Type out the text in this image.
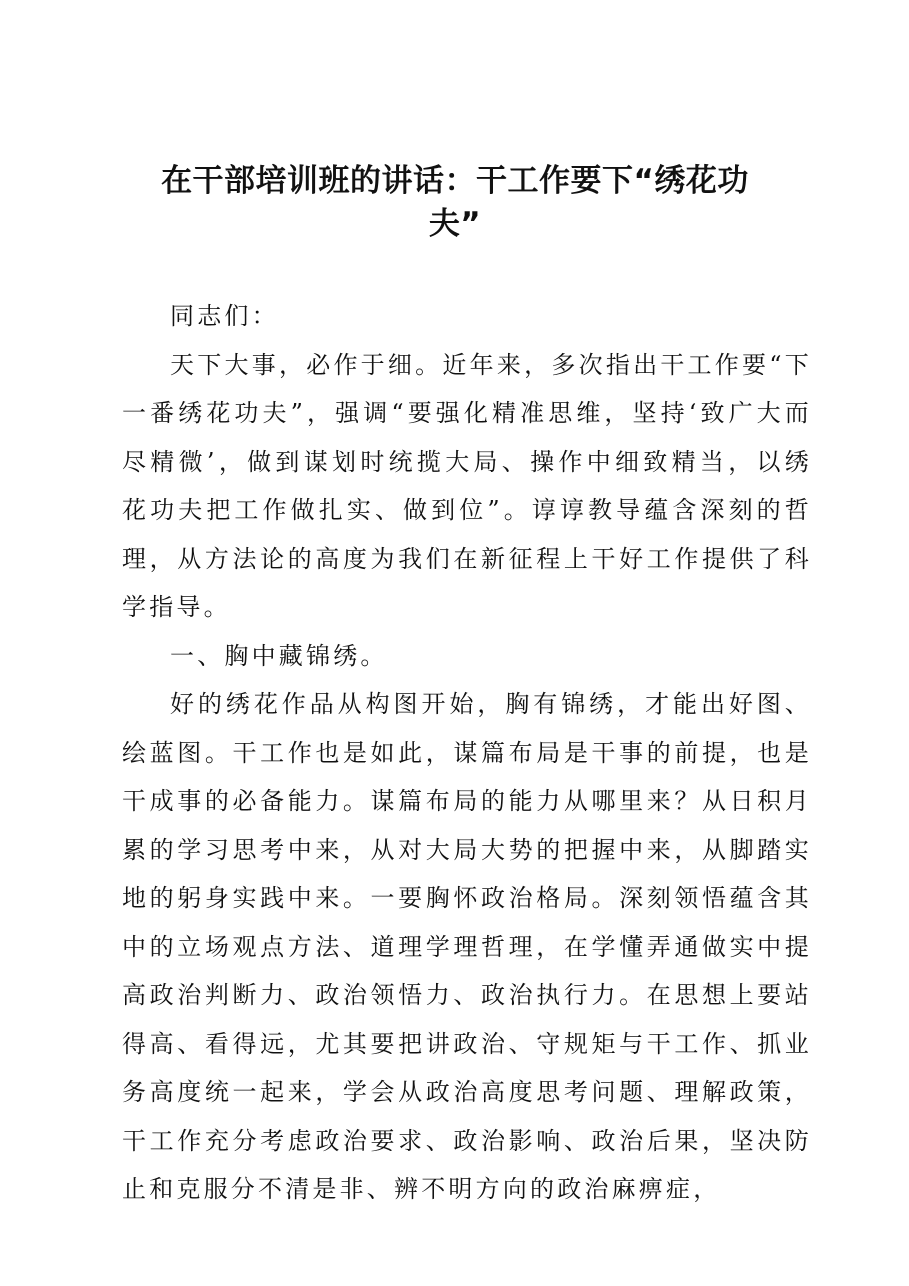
在干部培训班的讲话：干工作要下“绣花功夫”

同志们：

天下大事，必作于细。近年来，多次指出干工作要“下一番绣花功夫”，强调“要强化精准思维，坚持‘致广大而尽精微’，做到谋划时统揽大局、操作中细致精当，以绣花功夫把工作做扎实、做到位”。谆谆教导蕴含深刻的哲理，从方法论的高度为我们在新征程上干好工作提供了科学指导。

一、胸中藏锦绣。

好的绣花作品从构图开始，胸有锦绣，才能出好图、绘蓝图。干工作也是如此，谋篇布局是干事的前提，也是干成事的必备能力。谋篇布局的能力从哪里来？从日积月累的学习思考中来，从对大局大势的把握中来，从脚踏实地的躬身实践中来。一要胸怀政治格局。深刻领悟蕴含其中的立场观点方法、道理学理哲理，在学懂弄通做实中提高政治判断力、政治领悟力、政治执行力。在思想上要站得高、看得远，尤其要把讲政治、守规矩与干工作、抓业务高度统一起来，学会从政治高度思考问题、理解政策，干工作充分考虑政治要求、政治影响、政治后果，坚决防止和克服分不清是非、辨不明方向的政治麻痹症，
